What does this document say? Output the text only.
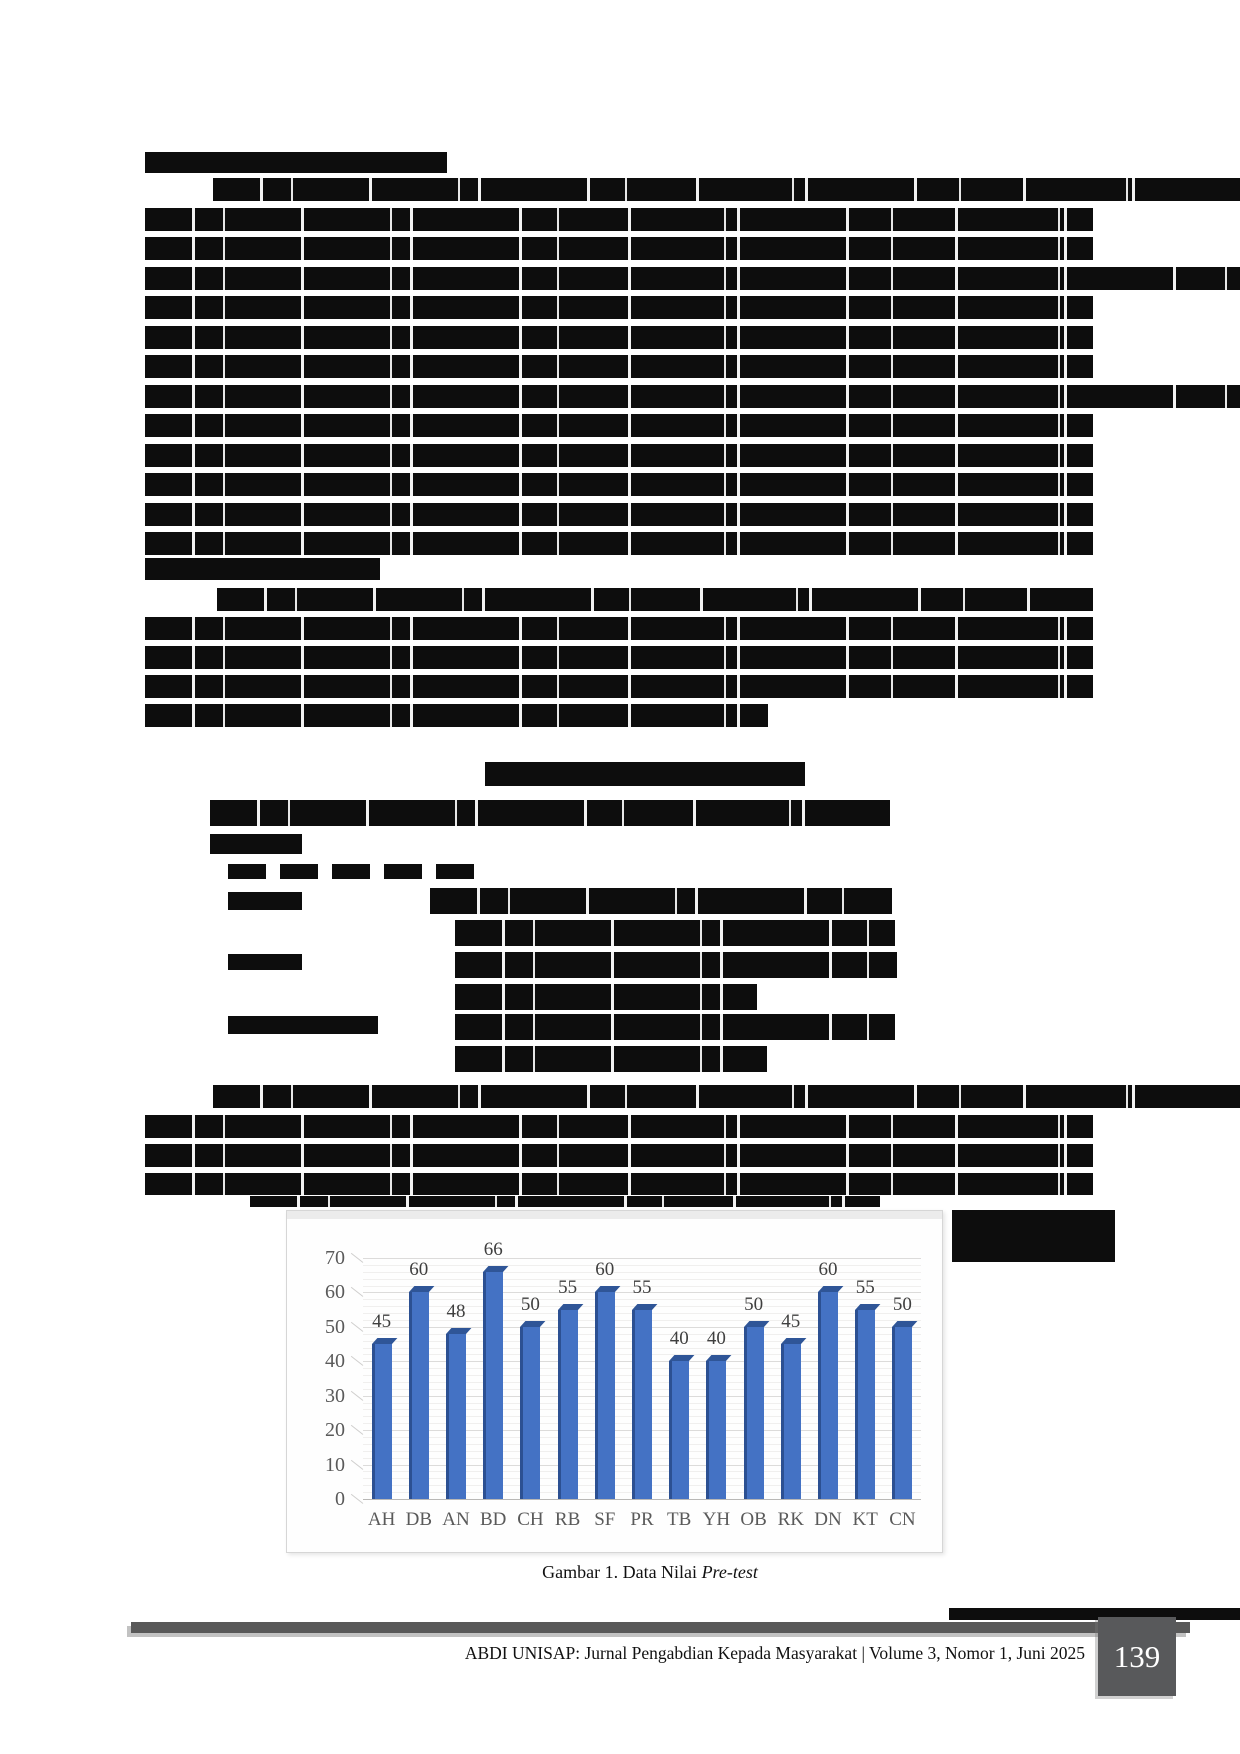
45
60
48
66
50
55
60
55
40 40
50
45
60
55
50
0
10
20
30
40
50
60
70
AH DB AN BD CH RB SF PR TB YH OB RK DN KT CN
Gambar 1. Data Nilai Pre-test
ABDI UNISAP: Jurnal Pengabdian Kepada Masyarakat | Volume 3, Nomor 1, Juni 2025 139
